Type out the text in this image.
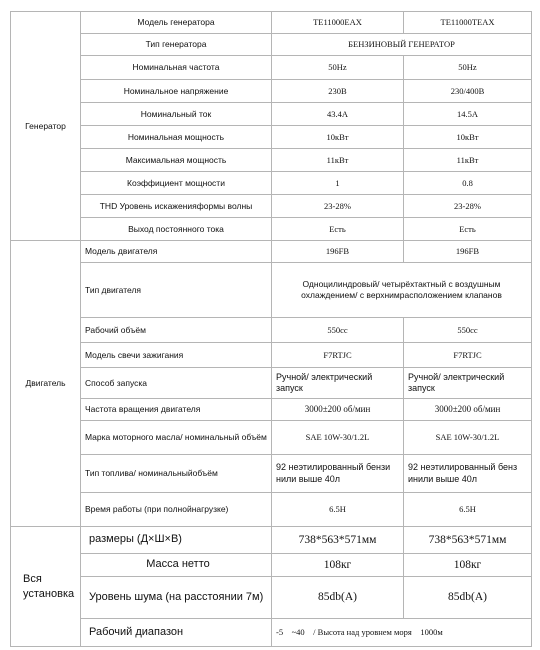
Генератор	Модель генератора	TE11000EAX	TE11000TEAX
	Тип генератора	БЕНЗИНОВЫЙ ГЕНЕРАТОР	
	Номинальная частота	50Hz	50Hz
	Номинальное напряжение	230В	230/400В
	Номинальный ток	43.4А	14.5А
	Номинальная мощность	10кВт	10кВт
	Максимальная мощность	11кВт	11кВт
	Коэффициент мощности	1	0.8
	THD Уровень искаженияформы волны	23-28%	23-28%
	Выход постоянного тока	Есть	Есть
Двигатель	Модель двигателя	196FB	196FB
	Тип двигателя	Одноцилиндровый/ четырёхтактный с воздушным охлаждением/ с верхнимрасположением клапанов	
	Рабочий объём	550cc	550cc
	Модель свечи зажигания	F7RTJC	F7RTJC
	Способ запуска	Ручной/ электрический запуск	Ручной/ электрический запуск
	Частота вращения двигателя	3000±200 об/мин	3000±200 об/мин
	Марка моторного масла/ номинальный объём	SAE 10W-30/1.2L	SAE 10W-30/1.2L
	Тип топлива/ номинальныйобъём	92 неэтилированный бензи нили выше 40л	92 неэтилированный бенз инили выше 40л
	Время работы (при полнойнагрузке)	6.5H	6.5H
Вся установка	размеры (Д×Ш×В)	738*563*571мм	738*563*571мм
	Масса нетто	108кг	108кг
	Уровень шума (на расстоянии 7м)	85db(A)	85db(A)
	Рабочий диапазон	-5    ~40    / Высота над уровнем моря    1000м	
